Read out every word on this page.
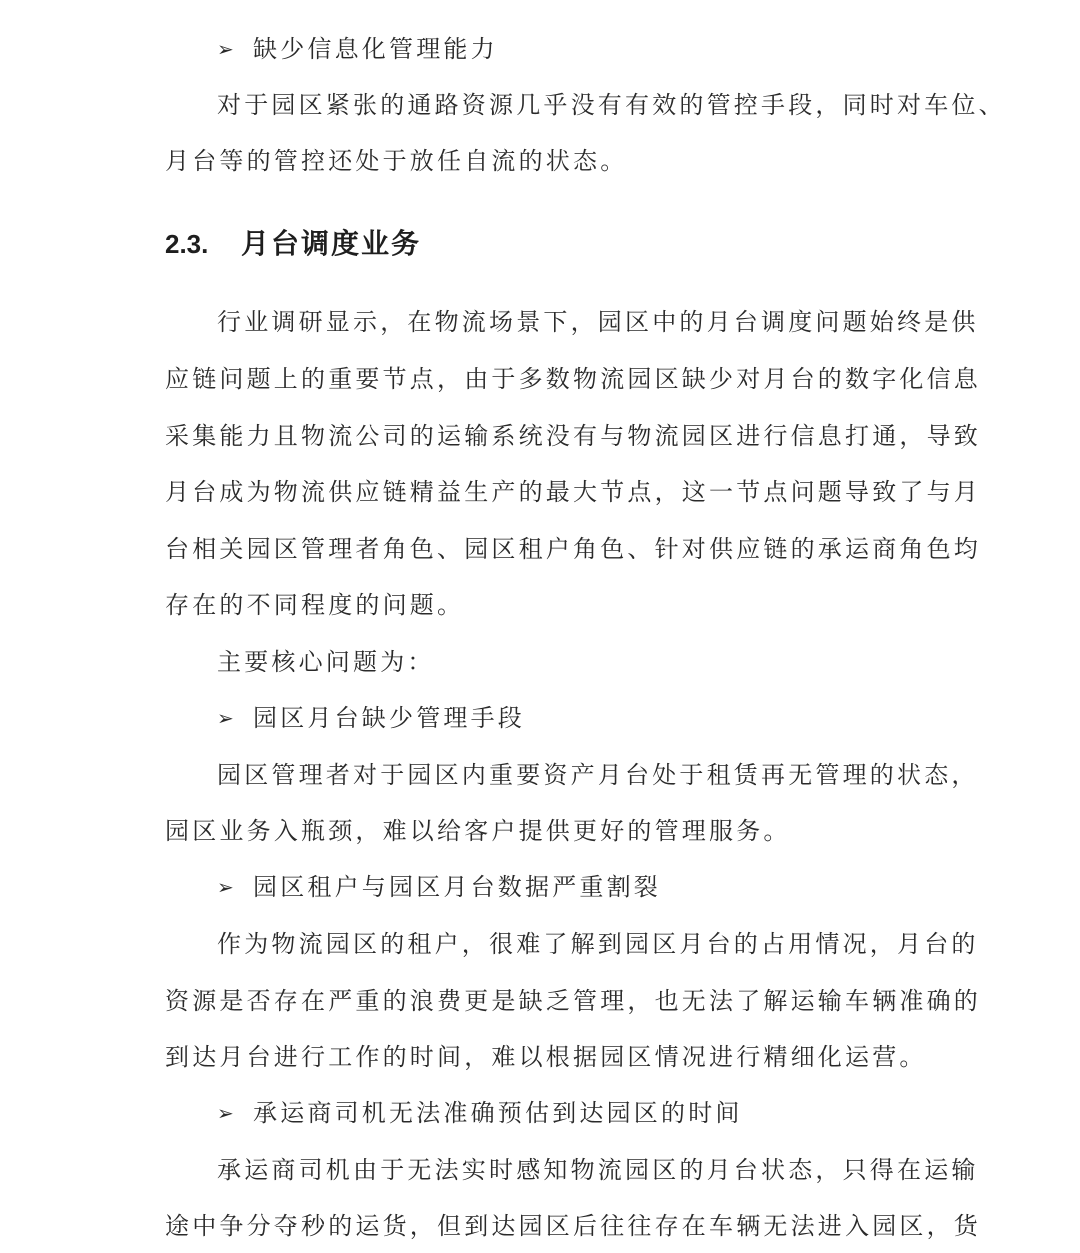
➢ 缺少信息化管理能力
对于园区紧张的通路资源几乎没有有效的管控手段，同时对车位、
月台等的管控还处于放任自流的状态。
2.3.	月台调度业务
行业调研显示，在物流场景下，园区中的月台调度问题始终是供
应链问题上的重要节点，由于多数物流园区缺少对月台的数字化信息
采集能力且物流公司的运输系统没有与物流园区进行信息打通，导致
月台成为物流供应链精益生产的最大节点，这一节点问题导致了与月
台相关园区管理者角色、园区租户角色、针对供应链的承运商角色均
存在的不同程度的问题。
主要核心问题为：
➢ 园区月台缺少管理手段
园区管理者对于园区内重要资产月台处于租赁再无管理的状态，
园区业务入瓶颈，难以给客户提供更好的管理服务。
➢ 园区租户与园区月台数据严重割裂
作为物流园区的租户，很难了解到园区月台的占用情况，月台的
资源是否存在严重的浪费更是缺乏管理，也无法了解运输车辆准确的
到达月台进行工作的时间，难以根据园区情况进行精细化运营。
➢ 承运商司机无法准确预估到达园区的时间
承运商司机由于无法实时感知物流园区的月台状态，只得在运输
途中争分夺秒的运货，但到达园区后往往存在车辆无法进入园区，货
